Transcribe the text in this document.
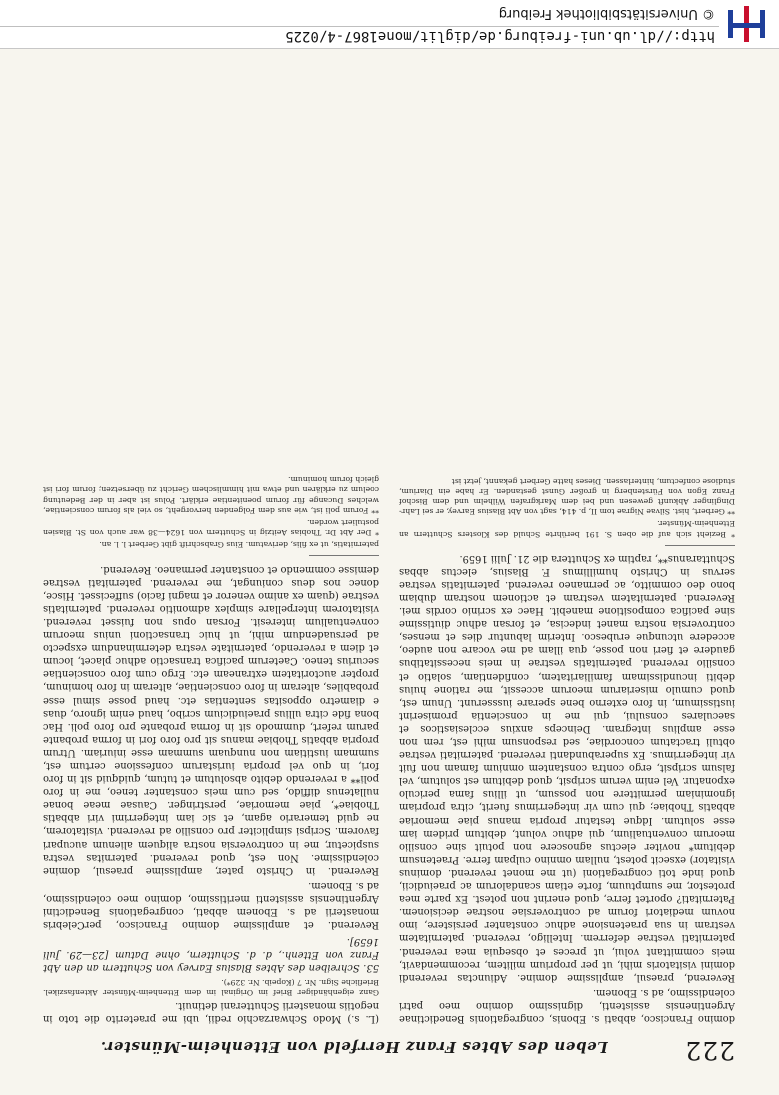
222
Leben des Abtes Franz Herrfeld von Ettenheim-Münster.

domino Francisco, abbati s. Ebonis, congregationis Benedictinae Argentinensis assistenti, dignissimo domino meo patri colendissimo, ad s. Ebonem.

Reverend, praesul, amplissime domine. Adiunctas reverendi domini visitatoris mihi, ut per proprium militem, recommendavit, meis committant volui, ut preces et obsequia mea reverend. paternitati vestrae deferrem. Intelligo, reverend. paternitatem vestram in sua praetensione adhuc constanter persistere, imo novum mediatori forum ad controversiae nostrae decisionem. Paternitati? oportet ferre, quod enerint non potest. Ex parte mea protestor, me sumptuum, forte etiam scandalorum ac praeiudicii, quod inde toti congregationi (ut me monet reverend. dominus visitator) exsecit potest, nullam omnino culpam ferre. Praetensum debitum* noviter electus agnoscere non potuit sine consilio meorum conventualium, qui adhuc volunt, debitum pridem iam esse solutum. Idque testatur propria manus piae memoriae abbatis Thobiae; qui cum vir integerrimus fuerit, citra propriam ignominiam permittere non possum, ut illius fama periculo exponatur. Vel enim verum scripsit, quod debitum est solutum, vel falsum scripsit, ergo contra constantem omnium famam non fuit vir integerrimus. Ex superabundanti reverend. paternitati vestrae obtuli tractatum concordiae, sed responsum mihi est, rem non esse amplius integram. Deinceps anxius ecclesiasticos et saeculares consului, qui me in conscientia promiserint iustissimum, in foro externo bene sperare iussserunt. Unum est, quod cumulo miseriarum meorum accessit, me ratione huius debiti incundissimam familiaritatem, confidentiam, solatio et consilio reverend. paternitatis vestrae in meis necessitatibus gaudere et fieri non posse, qua illam ad me vocare non audeo, accedere utcunque erubesco. Interim labuntur dies et menses, controversia nostra manet indecisa, et forsan adhuc diutissime sine pacifica compositione manebit. Haec ex scrinio cordis mei. Reverend. paternitatem vestram et actionem nostram dubiam bono deo committo, ac permaneo reverend. paternitatis vestrae servus in Christo humillimus F. Blasius, electus abbas Schuttaranus**, raptim ex Schuttera die 21. Julii 1659.

* Bezieht sich auf die oben S. 191 berührte Schuld des Klosters Schuttern an Ettenheim-Münster.

** Gerbert, hist. Silvae Nigrae tom II, p. 414, sagt von Abt Blasius Earvey, er sei Lahr-Dinglinger Abkunft gewesen und bei dem Markgrafen Wilhelm und dem Bischof Franz Egon von Fürstenberg in großer Gunst gestanden. Er habe ein Diarium, studiose confectum, hinterlassen. Dieses hatte Gerbert gekannt, jetzt ist

(L. s.) Modo Schwarzachio redii, ubi me praeterito die toto in negotiis monasterii Schutterani detinuit.

Ganz eigenhändiger Brief im Original im dem Ettenheim-Münster Aktenfaszikel. Briefliche Sign. Nr. 7 (Kopeib. Nr. 329*).

53. Schreiben des Abtes Blasius Earvey von Schuttern an den Abt Franz von Ettenh., d. d. Schuttern, ohne Datum [23—29. Juli 1659].

Reverend. et amplissime domino Francisco, perCelebris monasterii ad s. Ebonem abbati, congregationis Benedictini Argentinensis assistenti meritissimo, domino meo colendissimo, ad s. Ebonem.

Reverend. in Christo pater, amplissime praesul, domine colendissime. Non est, quod reverend. paternitas vestra suspicetur, me in controversia nostra aliquem alienum aucupari favorem. Scripsi simpliciter pro consilio ad reverend. visitatorem, ne quid temerario agam, et sic iam integerrimi viri abbatis Thobiae*, piae memoriae, perstringer. Causae meae bonae nullatenus diffido, sed cum meis constanter teneo, me in foro poli** a reverendo debito absolutum et tutum, quidquid sit in foro fori, in quo vel propria iuristarum confessione certum est, summam iustitiam non nunquam summam esse iniuriam. Utrum propria abbatis Thobiae manus sit pro foro fori in forma probante parum refert, dummodo sit in forma probante pro foro poli. Hac bona fide citra ullius praeiudicium scribo, haud enim ignoro, duas e diametro oppositas sententias etc. haud posse simul esse probabiles, alteram in foro conscientiae, alteram in foro hominum, propter auctoritatem extraneam etc. Ergo cum foro conscientiae securius teneo. Caeterum pacifica transactio adhuc placet, locum et diem a reverendo, paternitate vestra determinandum exspecto ad persuadendum mihi, ut huic transactioni unius meorum conventualium interesit. Forsan opus non fuisset reverend. visitatorem interpellare simplex admonitio reverend. paternitatis vestrae (quam ex animo veneror et magni facio) suffecisset. Hisce, donec nos deus coniungat, me reverend. paternitati vestrae demisse commendo et constanter permaneo. Reverend.

paternitatis, ut ex filis, derivatum. Eius Grabschrift gibt Gerbert l. l. an.

* Der Abt Dr. Thobias Aeitzig in Schuttern von 1624—38 war auch von St. Blasien postuliert worden.

** Forum poli ist, wie aus dem Folgenden hervorgeht, so viel als forum conscientiae, welches Ducange für forum poenitentiae erklärt. Polus ist aber in der Bedeutung coelum zu erklären und etwa mit himmlischem Gericht zu übersetzen; forum fori ist gleich forum hominum.

http://dl.ub.uni-freiburg.de/diglit/mone1867-4/0225
© Universitätsbibliothek Freiburg
